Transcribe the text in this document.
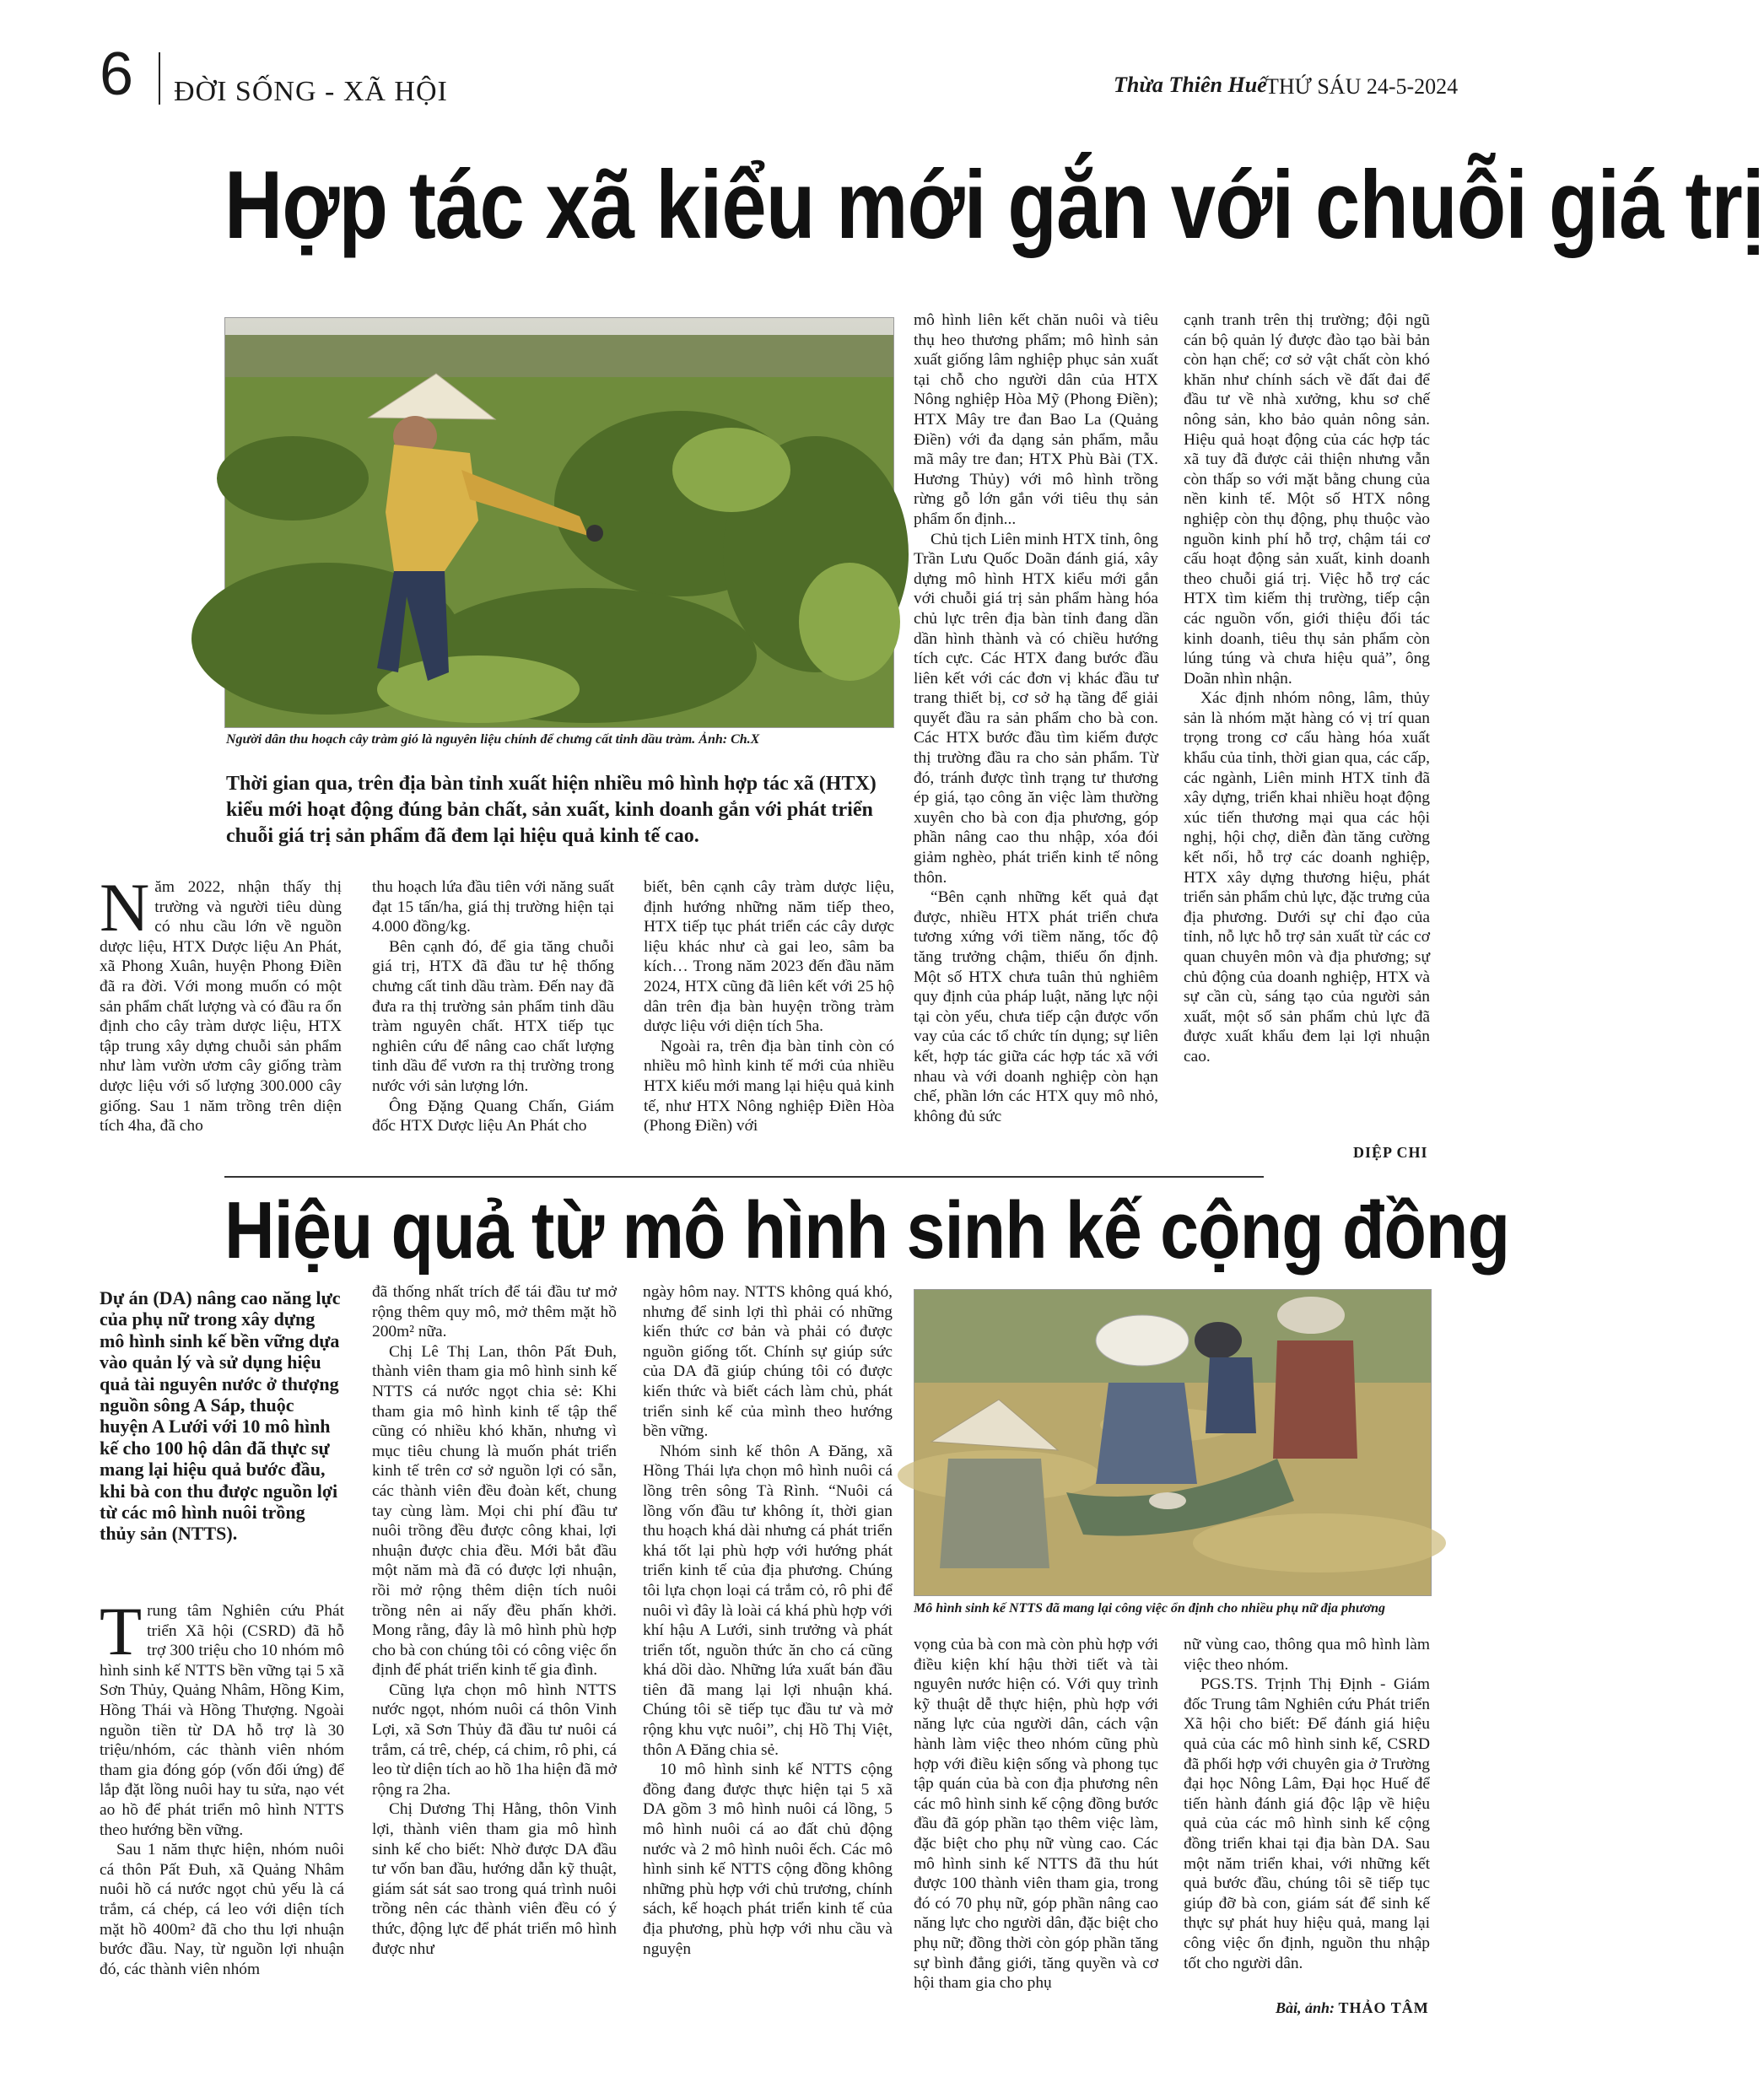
6 ĐỜI SỐNG - XÃ HỘI	Thừa Thiên Huế
THỨ SÁU 24-5-2024
Hợp tác xã kiểu mới gắn với chuỗi giá trị
Người dân thu hoạch cây tràm gió là nguyên liệu chính để chưng cất tinh dầu tràm. Ảnh: Ch.X
Thời gian qua, trên địa bàn tỉnh xuất hiện nhiều mô hình hợp tác xã (HTX) kiểu mới hoạt động đúng bản chất, sản xuất, kinh doanh gắn với phát triển chuỗi giá trị sản phẩm đã đem lại hiệu quả kinh tế cao.

Năm 2022, nhận thấy thị trường và người tiêu dùng có nhu cầu lớn về nguồn dược liệu, HTX Dược liệu An Phát, xã Phong Xuân, huyện Phong Điền đã ra đời. Với mong muốn có một sản phẩm chất lượng và có đầu ra ổn định cho cây tràm dược liệu, HTX tập trung xây dựng chuỗi sản phẩm như làm vườn ươm cây giống tràm dược liệu với số lượng 300.000 cây giống. Sau 1 năm trồng trên diện tích 4ha, đã cho

thu hoạch lứa đầu tiên với năng suất đạt 15 tấn/ha, giá thị trường hiện tại 4.000 đồng/kg.

Bên cạnh đó, để gia tăng chuỗi giá trị, HTX đã đầu tư hệ thống chưng cất tinh dầu tràm. Đến nay đã đưa ra thị trường sản phẩm tinh dầu tràm nguyên chất. HTX tiếp tục nghiên cứu để nâng cao chất lượng tinh dầu để vươn ra thị trường trong nước với sản lượng lớn.

Ông Đặng Quang Chấn, Giám đốc HTX Dược liệu An Phát cho

biết, bên cạnh cây tràm dược liệu, định hướng những năm tiếp theo, HTX tiếp tục phát triển các cây dược liệu khác như cà gai leo, sâm ba kích… Trong năm 2023 đến đầu năm 2024, HTX cũng đã liên kết với 25 hộ dân trên địa bàn huyện trồng tràm dược liệu với diện tích 5ha.

Ngoài ra, trên địa bàn tỉnh còn có nhiều mô hình kinh tế mới của nhiều HTX kiểu mới mang lại hiệu quả kinh tế, như HTX Nông nghiệp Điền Hòa (Phong Điền) với

mô hình liên kết chăn nuôi và tiêu thụ heo thương phẩm; mô hình sản xuất giống lâm nghiệp phục sản xuất tại chỗ cho người dân của HTX Nông nghiệp Hòa Mỹ (Phong Điền); HTX Mây tre đan Bao La (Quảng Điền) với đa dạng sản phẩm, mẫu mã mây tre đan; HTX Phù Bài (TX. Hương Thủy) với mô hình trồng rừng gỗ lớn gắn với tiêu thụ sản phẩm ổn định...

Chủ tịch Liên minh HTX tỉnh, ông Trần Lưu Quốc Doãn đánh giá, xây dựng mô hình HTX kiểu mới gắn với chuỗi giá trị sản phẩm hàng hóa chủ lực trên địa bàn tỉnh đang dần dần hình thành và có chiều hướng tích cực. Các HTX đang bước đầu liên kết với các đơn vị khác đầu tư trang thiết bị, cơ sở hạ tầng để giải quyết đầu ra sản phẩm cho bà con. Các HTX bước đầu tìm kiếm được thị trường đầu ra cho sản phẩm. Từ đó, tránh được tình trạng tư thương ép giá, tạo công ăn việc làm thường xuyên cho bà con địa phương, góp phần nâng cao thu nhập, xóa đói giảm nghèo, phát triển kinh tế nông thôn.

“Bên cạnh những kết quả đạt được, nhiều HTX phát triển chưa tương xứng với tiềm năng, tốc độ tăng trưởng chậm, thiếu ổn định. Một số HTX chưa tuân thủ nghiêm quy định của pháp luật, năng lực nội tại còn yếu, chưa tiếp cận được vốn vay của các tổ chức tín dụng; sự liên kết, hợp tác giữa các hợp tác xã với nhau và với doanh nghiệp còn hạn chế, phần lớn các HTX quy mô nhỏ, không đủ sức

cạnh tranh trên thị trường; đội ngũ cán bộ quản lý được đào tạo bài bản còn hạn chế; cơ sở vật chất còn khó khăn như chính sách về đất đai để đầu tư về nhà xưởng, khu sơ chế nông sản, kho bảo quản nông sản. Hiệu quả hoạt động của các hợp tác xã tuy đã được cải thiện nhưng vẫn còn thấp so với mặt bằng chung của nền kinh tế. Một số HTX nông nghiệp còn thụ động, phụ thuộc vào nguồn kinh phí hỗ trợ, chậm tái cơ cấu hoạt động sản xuất, kinh doanh theo chuỗi giá trị. Việc hỗ trợ các HTX tìm kiếm thị trường, tiếp cận các nguồn vốn, giới thiệu đối tác kinh doanh, tiêu thụ sản phẩm còn lúng túng và chưa hiệu quả”, ông Doãn nhìn nhận.

Xác định nhóm nông, lâm, thủy sản là nhóm mặt hàng có vị trí quan trọng trong cơ cấu hàng hóa xuất khẩu của tỉnh, thời gian qua, các cấp, các ngành, Liên minh HTX tỉnh đã xây dựng, triển khai nhiều hoạt động xúc tiến thương mại qua các hội nghị, hội chợ, diễn đàn tăng cường kết nối, hỗ trợ các doanh nghiệp, HTX xây dựng thương hiệu, phát triển sản phẩm chủ lực, đặc trưng của địa phương. Dưới sự chỉ đạo của tỉnh, nỗ lực hỗ trợ sản xuất từ các cơ quan chuyên môn và địa phương; sự chủ động của doanh nghiệp, HTX và sự cần cù, sáng tạo của người sản xuất, một số sản phẩm chủ lực đã được xuất khẩu đem lại lợi nhuận cao.

DIỆP CHI
Hiệu quả từ mô hình sinh kế cộng đồng
Dự án (DA) nâng cao năng lực của phụ nữ trong xây dựng mô hình sinh kế bền vững dựa vào quản lý và sử dụng hiệu quả tài nguyên nước ở thượng nguồn sông A Sáp, thuộc huyện A Lưới với 10 mô hình kế cho 100 hộ dân đã thực sự mang lại hiệu quả bước đầu, khi bà con thu được nguồn lợi từ các mô hình nuôi trồng thủy sản (NTTS).

Trung tâm Nghiên cứu Phát triển Xã hội (CSRD) đã hỗ trợ 300 triệu cho 10 nhóm mô hình sinh kế NTTS bền vững tại 5 xã Sơn Thủy, Quảng Nhâm, Hồng Kim, Hồng Thái và Hồng Thượng. Ngoài nguồn tiền từ DA hỗ trợ là 30 triệu/nhóm, các thành viên nhóm tham gia đóng góp (vốn đối ứng) để lắp đặt lồng nuôi hay tu sửa, nạo vét ao hồ để phát triển mô hình NTTS theo hướng bền vững.

Sau 1 năm thực hiện, nhóm nuôi cá thôn Pất Đuh, xã Quảng Nhâm nuôi hồ cá nước ngọt chủ yếu là cá trắm, cá chép, cá leo với diện tích mặt hồ 400m² đã cho thu lợi nhuận bước đầu. Nay, từ nguồn lợi nhuận đó, các thành viên nhóm

đã thống nhất trích để tái đầu tư mở rộng thêm quy mô, mở thêm mặt hồ 200m² nữa.

Chị Lê Thị Lan, thôn Pất Đuh, thành viên tham gia mô hình sinh kế NTTS cá nước ngọt chia sẻ: Khi tham gia mô hình kinh tế tập thể cũng có nhiều khó khăn, nhưng vì mục tiêu chung là muốn phát triển kinh tế trên cơ sở nguồn lợi có sẵn, các thành viên đều đoàn kết, chung tay cùng làm. Mọi chi phí đầu tư nuôi trồng đều được công khai, lợi nhuận được chia đều. Mới bắt đầu một năm mà đã có được lợi nhuận, rồi mở rộng thêm diện tích nuôi trồng nên ai nấy đều phấn khởi. Mong rằng, đây là mô hình phù hợp cho bà con chúng tôi có công việc ổn định để phát triển kinh tế gia đình.

Cũng lựa chọn mô hình NTTS nước ngọt, nhóm nuôi cá thôn Vinh Lợi, xã Sơn Thủy đã đầu tư nuôi cá trắm, cá trê, chép, cá chim, rô phi, cá leo từ diện tích ao hồ 1ha hiện đã mở rộng ra 2ha.

Chị Dương Thị Hằng, thôn Vinh lợi, thành viên tham gia mô hình sinh kế cho biết: Nhờ được DA đầu tư vốn ban đầu, hướng dẫn kỹ thuật, giám sát sát sao trong quá trình nuôi trồng nên các thành viên đều có ý thức, động lực để phát triển mô hình được như

ngày hôm nay. NTTS không quá khó, nhưng để sinh lợi thì phải có những kiến thức cơ bản và phải có được nguồn giống tốt. Chính sự giúp sức của DA đã giúp chúng tôi có được kiến thức và biết cách làm chủ, phát triển sinh kế của mình theo hướng bền vững.

Nhóm sinh kế thôn A Đăng, xã Hồng Thái lựa chọn mô hình nuôi cá lồng trên sông Tà Rình. “Nuôi cá lồng vốn đầu tư không ít, thời gian thu hoạch khá dài nhưng cá phát triển khá tốt lại phù hợp với hướng phát triển kinh tế của địa phương. Chúng tôi lựa chọn loại cá trắm cỏ, rô phi để nuôi vì đây là loài cá khá phù hợp với khí hậu A Lưới, sinh trưởng và phát triển tốt, nguồn thức ăn cho cá cũng khá dồi dào. Những lứa xuất bán đầu tiên đã mang lại lợi nhuận khá. Chúng tôi sẽ tiếp tục đầu tư và mở rộng khu vực nuôi”, chị Hồ Thị Việt, thôn A Đăng chia sẻ.

10 mô hình sinh kế NTTS cộng đồng đang được thực hiện tại 5 xã DA gồm 3 mô hình nuôi cá lồng, 5 mô hình nuôi cá ao đất chủ động nước và 2 mô hình nuôi ếch. Các mô hình sinh kế NTTS cộng đồng không những phù hợp với chủ trương, chính sách, kế hoạch phát triển kinh tế của địa phương, phù hợp với nhu cầu và nguyện

Mô hình sinh kế NTTS đã mang lại công việc ổn định cho nhiều phụ nữ địa phương

vọng của bà con mà còn phù hợp với điều kiện khí hậu thời tiết và tài nguyên nước hiện có. Với quy trình kỹ thuật dễ thực hiện, phù hợp với năng lực của người dân, cách vận hành làm việc theo nhóm cũng phù hợp với điều kiện sống và phong tục tập quán của bà con địa phương nên các mô hình sinh kế cộng đồng bước đầu đã góp phần tạo thêm việc làm, đặc biệt cho phụ nữ vùng cao. Các mô hình sinh kế NTTS đã thu hút được 100 thành viên tham gia, trong đó có 70 phụ nữ, góp phần nâng cao năng lực cho người dân, đặc biệt cho phụ nữ; đồng thời còn góp phần tăng sự bình đẳng giới, tăng quyền và cơ hội tham gia cho phụ

nữ vùng cao, thông qua mô hình làm việc theo nhóm.

PGS.TS. Trịnh Thị Định - Giám đốc Trung tâm Nghiên cứu Phát triển Xã hội cho biết: Để đánh giá hiệu quả của các mô hình sinh kế, CSRD đã phối hợp với chuyên gia ở Trường đại học Nông Lâm, Đại học Huế để tiến hành đánh giá độc lập về hiệu quả của các mô hình sinh kế cộng đồng triển khai tại địa bàn DA. Sau một năm triển khai, với những kết quả bước đầu, chúng tôi sẽ tiếp tục giúp đỡ bà con, giám sát để sinh kế thực sự phát huy hiệu quả, mang lại công việc ổn định, nguồn thu nhập tốt cho người dân.

Bài, ảnh: THẢO TÂM
